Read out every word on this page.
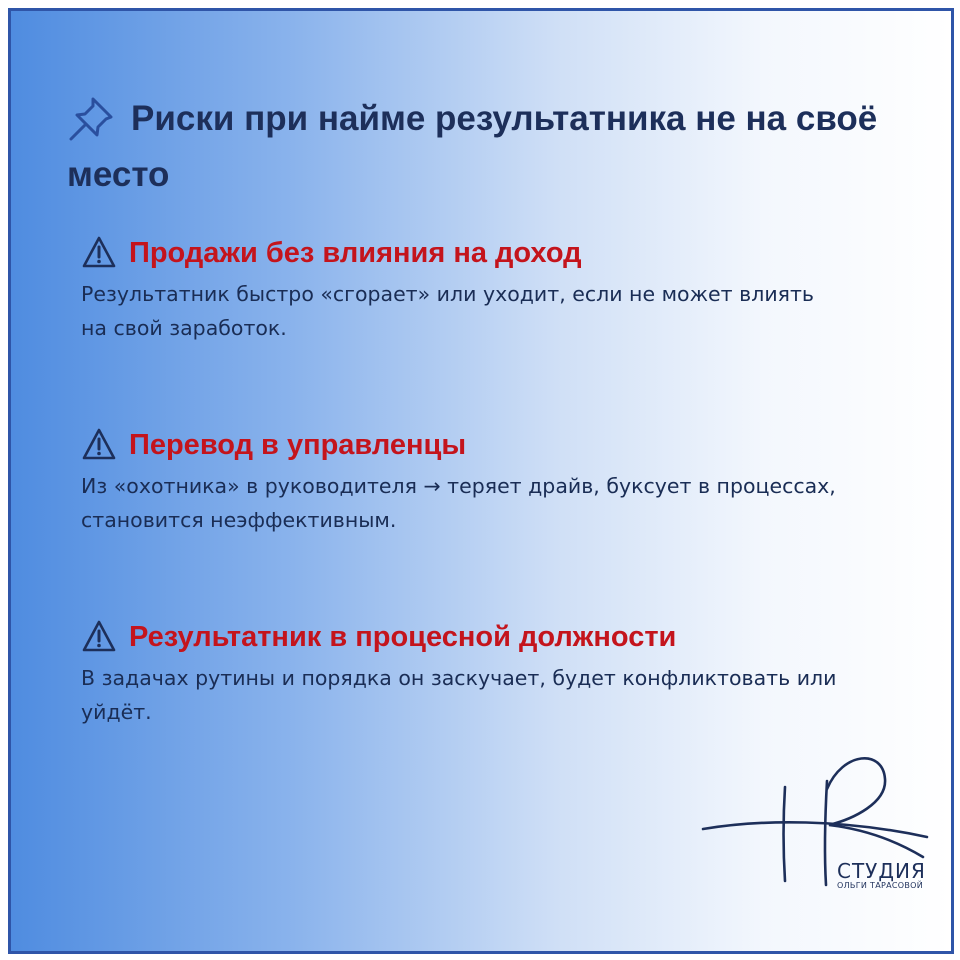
Риски при найме результатника не на своё место
Продажи без влияния на доход

Результатник быстро «сгорает» или уходит, если не может влиять на свой заработок.

Перевод в управленцы

Из «охотника» в руководителя → теряет драйв, буксует в процессах, становится неэффективным.

Результатник в процесной должности

В задачах рутины и порядка он заскучает, будет конфликтовать или уйдёт.

СТУДИЯ
ОЛЬГИ ТАРАСОВОЙ
